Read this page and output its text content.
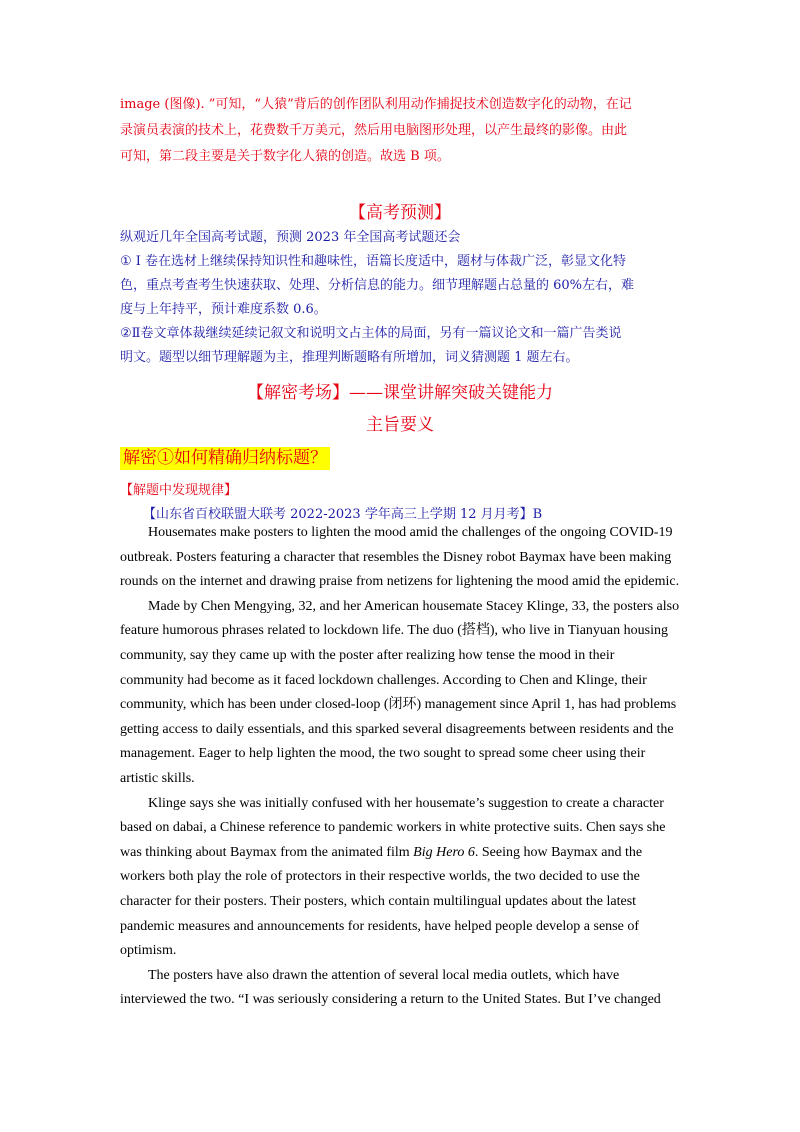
image (图像). ”可知，“人猿”背后的创作团队利用动作捕捉技术创造数字化的动物，在记
录演员表演的技术上，花费数千万美元，然后用电脑图形处理，以产生最终的影像。由此
可知，第二段主要是关于数字化人猿的创造。故选 B 项。
【高考预测】
纵观近几年全国高考试题，预测 2023 年全国高考试题还会
① I 卷在选材上继续保持知识性和趣味性，语篇长度适中，题材与体裁广泛，彰显文化特
色，重点考查考生快速获取、处理、分析信息的能力。细节理解题占总量的 60%左右，难
度与上年持平，预计难度系数 0.6。
②Ⅱ卷文章体裁继续延续记叙文和说明文占主体的局面，另有一篇议论文和一篇广告类说
明文。题型以细节理解题为主，推理判断题略有所增加，词义猜测题 1 题左右。
【解密考场】——课堂讲解突破关键能力
主旨要义
解密①如何精确归纳标题？
【解题中发现规律】
【山东省百校联盟大联考 2022-2023 学年高三上学期 12 月月考】B

Housemates make posters to lighten the mood amid the challenges of the ongoing COVID-19 outbreak. Posters featuring a character that resembles the Disney robot Baymax have been making rounds on the internet and drawing praise from netizens for lightening the mood amid the epidemic.

Made by Chen Mengying, 32, and her American housemate Stacey Klinge, 33, the posters also feature humorous phrases related to lockdown life. The duo (搭档), who live in Tianyuan housing community, say they came up with the poster after realizing how tense the mood in their community had become as it faced lockdown challenges. According to Chen and Klinge, their community, which has been under closed-loop (闭环) management since April 1, has had problems getting access to daily essentials, and this sparked several disagreements between residents and the management. Eager to help lighten the mood, the two sought to spread some cheer using their artistic skills.

Klinge says she was initially confused with her housemate’s suggestion to create a character based on dabai, a Chinese reference to pandemic workers in white protective suits. Chen says she was thinking about Baymax from the animated film Big Hero 6. Seeing how Baymax and the workers both play the role of protectors in their respective worlds, the two decided to use the character for their posters. Their posters, which contain multilingual updates about the latest pandemic measures and announcements for residents, have helped people develop a sense of optimism.

The posters have also drawn the attention of several local media outlets, which have interviewed the two. “I was seriously considering a return to the United States. But I’ve changed
